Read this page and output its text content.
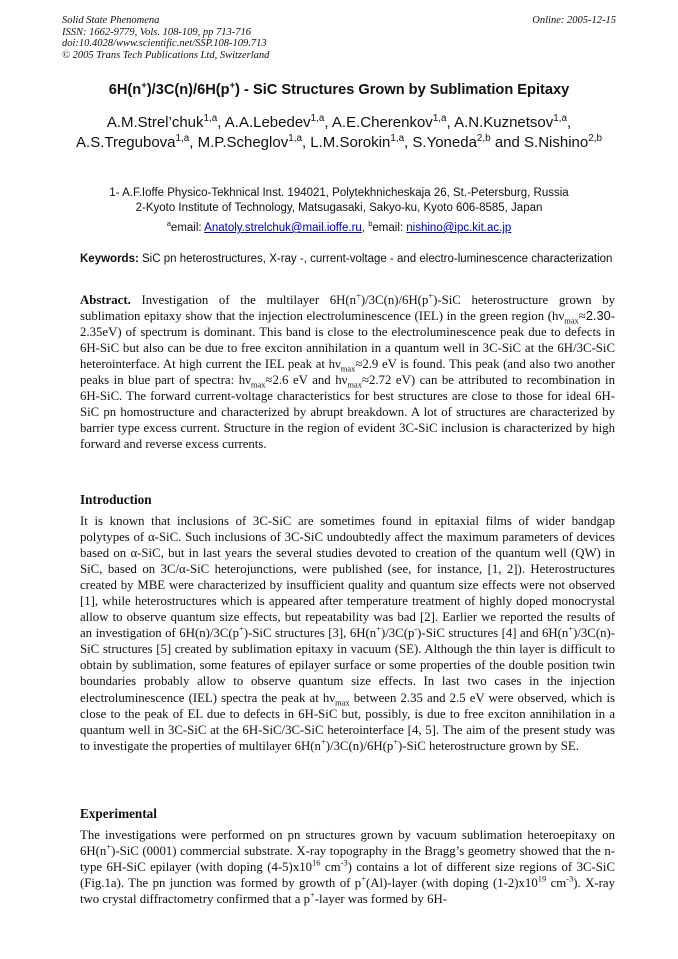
Solid State Phenomena
ISSN: 1662-9779, Vols. 108-109, pp 713-716
doi:10.4028/www.scientific.net/SSP.108-109.713
© 2005 Trans Tech Publications Ltd, Switzerland
Online: 2005-12-15
6H(n+)/3C(n)/6H(p+) - SiC Structures Grown by Sublimation Epitaxy
A.M.Strel’chuk$^{1,a}$, A.A.Lebedev$^{1,a}$, A.E.Cherenkov$^{1,a}$, A.N.Kuznetsov$^{1,a}$, A.S.Tregubova$^{1,a}$, M.P.Scheglov$^{1,a}$, L.M.Sorokin$^{1,a}$, S.Yoneda$^{2,b}$ and S.Nishino$^{2,b}$
1- A.F.Ioffe Physico-Tekhnical Inst. 194021, Polytekhnicheskaja 26, St.-Petersburg, Russia
2-Kyoto Institute of Technology, Matsugasaki, Sakyo-ku, Kyoto 606-8585, Japan
$^a$email: Anatoly.strelchuk@mail.ioffe.ru, $^b$email: nishino@ipc.kit.ac.jp
Keywords: SiC pn heterostructures, X-ray -, current-voltage - and electro-luminescence characterization
Abstract. Investigation of the multilayer 6H(n+)/3C(n)/6H(p+)-SiC heterostructure grown by sublimation epitaxy show that the injection electroluminescence (IEL) in the green region $(h\nu_{max}\approx 2.30-2.35eV)$ of spectrum is dominant. This band is close to the electroluminescence peak due to defects in 6H-SiC but also can be due to free exciton annihilation in a quantum well in 3C-SiC at the 6H/3C-SiC heterointerface. At high current the IEL peak at $h\nu_{max}\approx 2.9$ eV is found. This peak (and also two another peaks in blue part of spectra: $h\nu_{max}\approx 2.6$ eV and $h\nu_{max}\approx 2.72$ eV) can be attributed to recombination in 6H-SiC. The forward current-voltage characteristics for best structures are close to those for ideal 6H-SiC pn homostructure and characterized by abrupt breakdown. A lot of structures are characterized by barrier type excess current. Structure in the region of evident 3C-SiC inclusion is characterized by high forward and reverse excess currents.
Introduction
It is known that inclusions of 3C-SiC are sometimes found in epitaxial films of wider bandgap polytypes of α-SiC. Such inclusions of 3C-SiC undoubtedly affect the maximum parameters of devices based on α-SiC, but in last years the several studies devoted to creation of the quantum well (QW) in SiC, based on 3C/α-SiC heterojunctions, were published (see, for instance, [1, 2]). Heterostructures created by MBE were characterized by insufficient quality and quantum size effects were not observed [1], while heterostructures which is appeared after temperature treatment of highly doped monocrystal allow to observe quantum size effects, but repeatability was bad [2]. Earlier we reported the results of an investigation of 6H(n)/3C(p+)-SiC structures [3], 6H(n+)/3C(p-)-SiC structures [4] and 6H(n+)/3C(n)-SiC structures [5] created by sublimation epitaxy in vacuum (SE). Although the thin layer is difficult to obtain by sublimation, some features of epilayer surface or some properties of the double position twin boundaries probably allow to observe quantum size effects. In last two cases in the injection electroluminescence (IEL) spectra the peak at $h\nu_{max}$ between 2.35 and 2.5 eV were observed, which is close to the peak of EL due to defects in 6H-SiC but, possibly, is due to free exciton annihilation in a quantum well in 3C-SiC at the 6H-SiC/3C-SiC heterointerface [4, 5]. The aim of the present study was to investigate the properties of multilayer 6H(n+)/3C(n)/6H(p+)-SiC heterostructure grown by SE.
Experimental
The investigations were performed on pn structures grown by vacuum sublimation heteroepitaxy on 6H(n+)-SiC (0001) commercial substrate. X-ray topography in the Bragg’s geometry showed that the n-type 6H-SiC epilayer (with doping $(4-5)x10^{16}$ $cm^{-3}$) contains a lot of different size regions of 3C-SiC (Fig.1a). The pn junction was formed by growth of p+(Al)-layer (with doping $(1-2)x10^{19}$ $cm^{-3}$). X-ray two crystal diffractometry confirmed that a p+-layer was formed by 6H-
